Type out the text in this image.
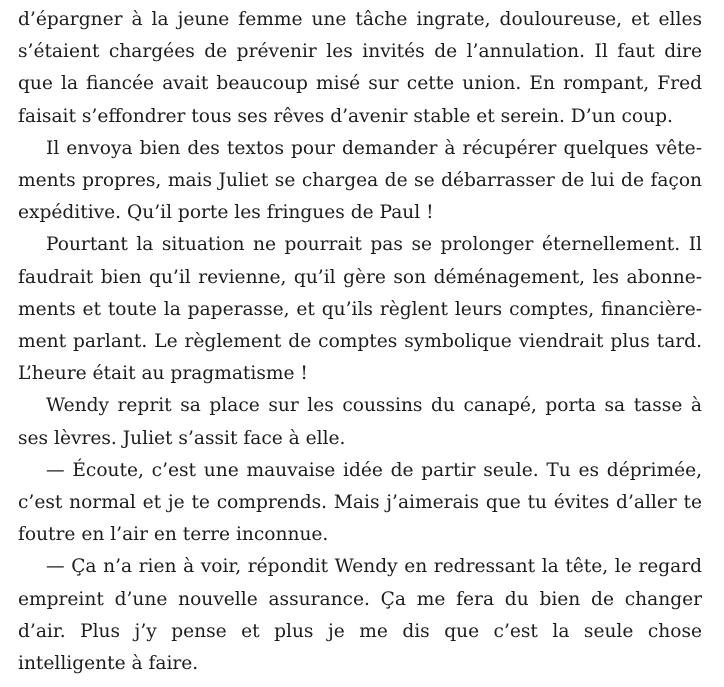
d’épargner à la jeune femme une tâche ingrate, douloureuse, et elles s’étaient chargées de prévenir les invités de l’annulation. Il faut dire que la fiancée avait beaucoup misé sur cette union. En rompant, Fred faisait s’effondrer tous ses rêves d’avenir stable et serein. D’un coup.

Il envoya bien des textos pour demander à récupérer quelques vêtements propres, mais Juliet se chargea de se débarrasser de lui de façon expéditive. Qu’il porte les fringues de Paul !

Pourtant la situation ne pourrait pas se prolonger éternellement. Il faudrait bien qu’il revienne, qu’il gère son déménagement, les abonnements et toute la paperasse, et qu’ils règlent leurs comptes, financièrement parlant. Le règlement de comptes symbolique viendrait plus tard. L’heure était au pragmatisme !

Wendy reprit sa place sur les coussins du canapé, porta sa tasse à ses lèvres. Juliet s’assit face à elle.

— Écoute, c’est une mauvaise idée de partir seule. Tu es déprimée, c’est normal et je te comprends. Mais j’aimerais que tu évites d’aller te foutre en l’air en terre inconnue.

— Ça n’a rien à voir, répondit Wendy en redressant la tête, le regard empreint d’une nouvelle assurance. Ça me fera du bien de changer d’air. Plus j’y pense et plus je me dis que c’est la seule chose intelligente à faire.
